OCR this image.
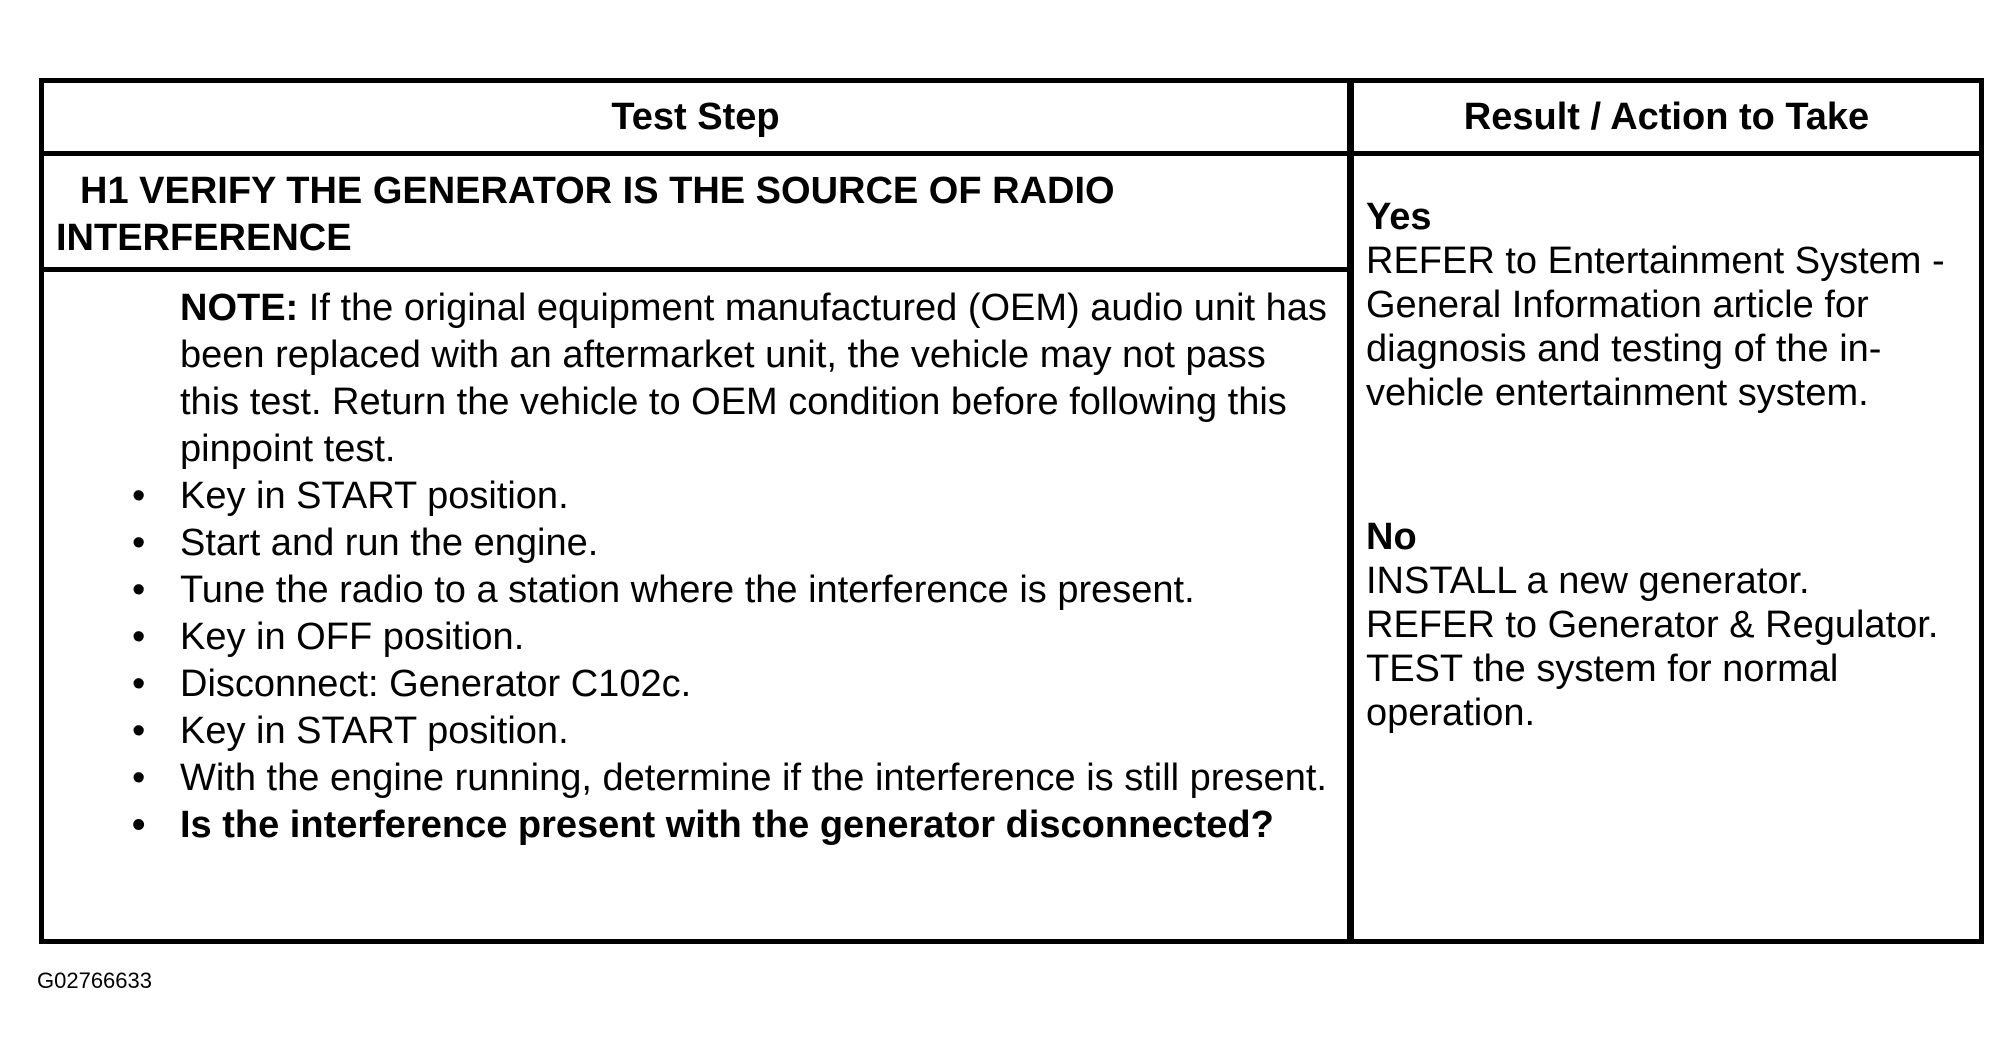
Test Step	Result / Action to Take
H1 VERIFY THE GENERATOR IS THE SOURCE OF RADIO INTERFERENCE
NOTE: If the original equipment manufactured (OEM) audio unit has been replaced with an aftermarket unit, the vehicle may not pass this test. Return the vehicle to OEM condition before following this pinpoint test.
• Key in START position.
• Start and run the engine.
• Tune the radio to a station where the interference is present.
• Key in OFF position.
• Disconnect: Generator C102c.
• Key in START position.
• With the engine running, determine if the interference is still present.
• Is the interference present with the generator disconnected?
Yes
REFER to Entertainment System - General Information article for diagnosis and testing of the in-vehicle entertainment system.
No
INSTALL a new generator.
REFER to Generator & Regulator.
TEST the system for normal operation.
G02766633
